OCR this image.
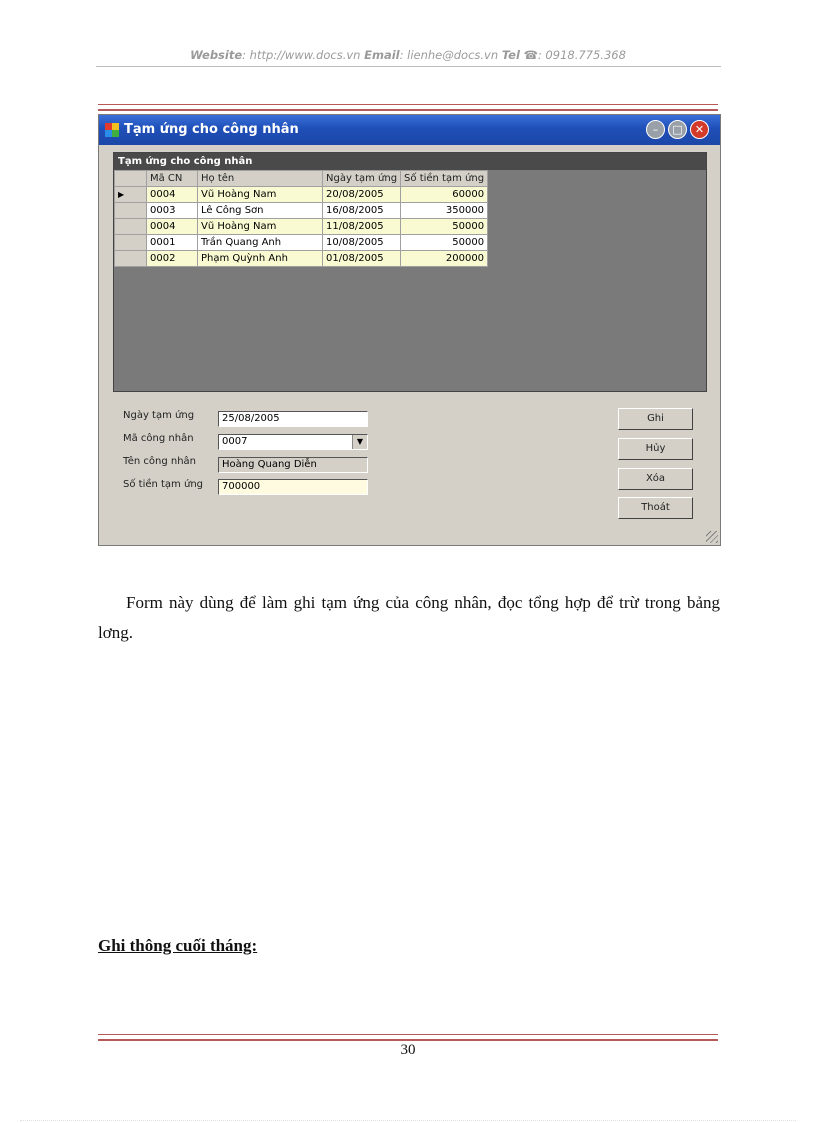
Website: http://www.docs.vn Email: lienhe@docs.vn Tel ☎: 0918.775.368
Tạm ứng cho công nhân	–	□	✕
Tạm ứng cho công nhân
	Mã CN	Họ tên	Ngày tạm ứng	Số tiền tạm ứng
▶	0004	Vũ Hoàng Nam	20/08/2005	60000
	0003	Lê Công Sơn	16/08/2005	350000
	0004	Vũ Hoàng Nam	11/08/2005	50000
	0001	Trần Quang Anh	10/08/2005	50000
	0002	Phạm Quỳnh Anh	01/08/2005	200000
Ngày tạm ứng	25/08/2005
Mã công nhân	0007	▼
Tên công nhân	Hoàng Quang Diễn
Số tiền tạm ứng	700000
Ghi
Hủy
Xóa
Thoát
Form này dùng để làm ghi tạm ứng của công nhân, đọc tổng hợp để trừ trong bảng lơng.
Ghi thông cuối tháng:
30
